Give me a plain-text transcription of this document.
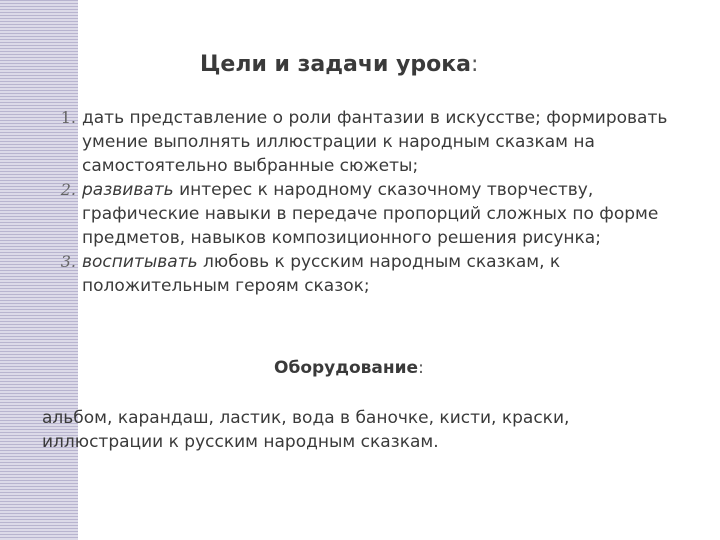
Цели и задачи урока:
1. дать представление о роли фантазии в искусстве; формировать умение выполнять иллюстрации к народным сказкам на самостоятельно выбранные сюжеты;
2. развивать интерес к народному сказочному творчеству, графические навыки в передаче пропорций сложных по форме предметов, навыков композиционного решения рисунка;
3. воспитывать любовь к русским народным сказкам, к положительным героям сказок;
Оборудование:

альбом, карандаш, ластик, вода в баночке, кисти, краски, иллюстрации к русским народным сказкам.
